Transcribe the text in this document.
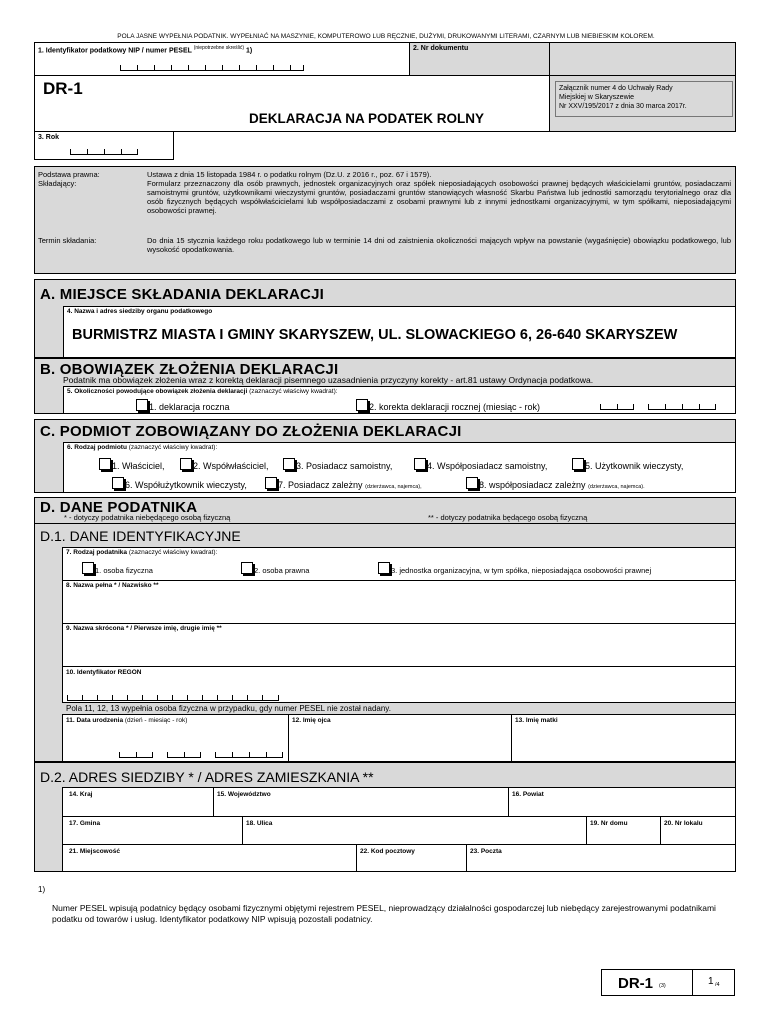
POLA JASNE WYPEŁNIA PODATNIK. WYPEŁNIAĆ NA MASZYNIE, KOMPUTEROWO LUB RĘCZNIE, DUŻYMI, DRUKOWANYMI LITERAMI, CZARNYM LUB NIEBIESKIM KOLOREM.
1. Identyfikator podatkowy NIP / numer PESEL $^{(niepotrzebne skreślić)}$ 1)	2. Nr dokumentu
DR-1
DEKLARACJA NA PODATEK ROLNY
Załącznik numer 4 do Uchwały Rady
Miejskiej w Skaryszewie
Nr XXV/195/2017 z dnia 30 marca 2017r.
3. Rok
Podstawa prawna:	Ustawa z dnia 15 listopada 1984 r. o podatku rolnym (Dz.U. z 2016 r., poz. 67 i 1579).
Składający:	Formularz przeznaczony dla osób prawnych, jednostek organizacyjnych oraz spółek nieposiadających osobowości prawnej będących właścicielami gruntów, posiadaczami samoistnymi gruntów, użytkownikami wieczystymi gruntów, posiadaczami gruntów stanowiących własność Skarbu Państwa lub jednostki samorządu terytorialnego oraz dla osób fizycznych będących współwłaścicielami lub współposiadaczami z osobami prawnymi lub z innymi jednostkami organizacyjnymi, w tym spółkami, nieposiadającymi osobowości prawnej.
Termin składania:	Do dnia 15 stycznia każdego roku podatkowego lub w terminie 14 dni od zaistnienia okoliczności mających wpływ na powstanie (wygaśnięcie) obowiązku podatkowego, lub wysokość opodatkowania.
A. MIEJSCE SKŁADANIA DEKLARACJI
4. Nazwa i adres siedziby organu podatkowego
BURMISTRZ MIASTA I GMINY SKARYSZEW, UL. SLOWACKIEGO 6, 26-640 SKARYSZEW
B. OBOWIĄZEK ZŁOŻENIA DEKLARACJI
Podatnik ma obowiązek złożenia wraz z korektą deklaracji pisemnego uzasadnienia przyczyny korekty - art.81 ustawy Ordynacja podatkowa.
5. Okoliczności powodujące obowiązek złożenia deklaracji (zaznaczyć właściwy kwadrat):
1. deklaracja roczna	2. korekta deklaracji rocznej (miesiąc - rok)
C. PODMIOT ZOBOWIĄZANY DO ZŁOŻENIA DEKLARACJI
6. Rodzaj podmiotu (zaznaczyć właściwy kwadrat):
1. Właściciel,	2. Współwłaściciel,	3. Posiadacz samoistny,	4. Współposiadacz samoistny,	5. Użytkownik wieczysty,
6. Współużytkownik wieczysty,	7. Posiadacz zależny (dzierżawca, najemca),	8. współposiadacz zależny (dzierżawca, najemca).
D. DANE PODATNIKA
* - dotyczy podatnika niebędącego osobą fizyczną	** - dotyczy podatnika będącego osobą fizyczną
D.1. DANE IDENTYFIKACYJNE
7. Rodzaj podatnika (zaznaczyć właściwy kwadrat):
1. osoba fizyczna	2. osoba prawna	3. jednostka organizacyjna, w tym spółka, nieposiadająca osobowości prawnej
8. Nazwa pełna * / Nazwisko **
9. Nazwa skrócona * / Pierwsze imię, drugie imię **
10. Identyfikator REGON
Pola 11, 12, 13 wypełnia osoba fizyczna w przypadku, gdy numer PESEL nie został nadany.
11. Data urodzenia (dzień - miesiąc - rok)	12. Imię ojca	13. Imię matki
D.2. ADRES SIEDZIBY * / ADRES ZAMIESZKANIA **
14. Kraj	15. Województwo	16. Powiat
17. Gmina	18. Ulica	19. Nr domu	20. Nr lokalu
21. Miejscowość	22. Kod pocztowy	23. Poczta
1)
Numer PESEL wpisują podatnicy będący osobami fizycznymi objętymi rejestrem PESEL, nieprowadzący działalności gospodarczej lub niebędący zarejestrowanymi podatnikami podatku od towarów i usług. Identyfikator podatkowy NIP wpisują pozostali podatnicy.
DR-1 (3)	1 /4
